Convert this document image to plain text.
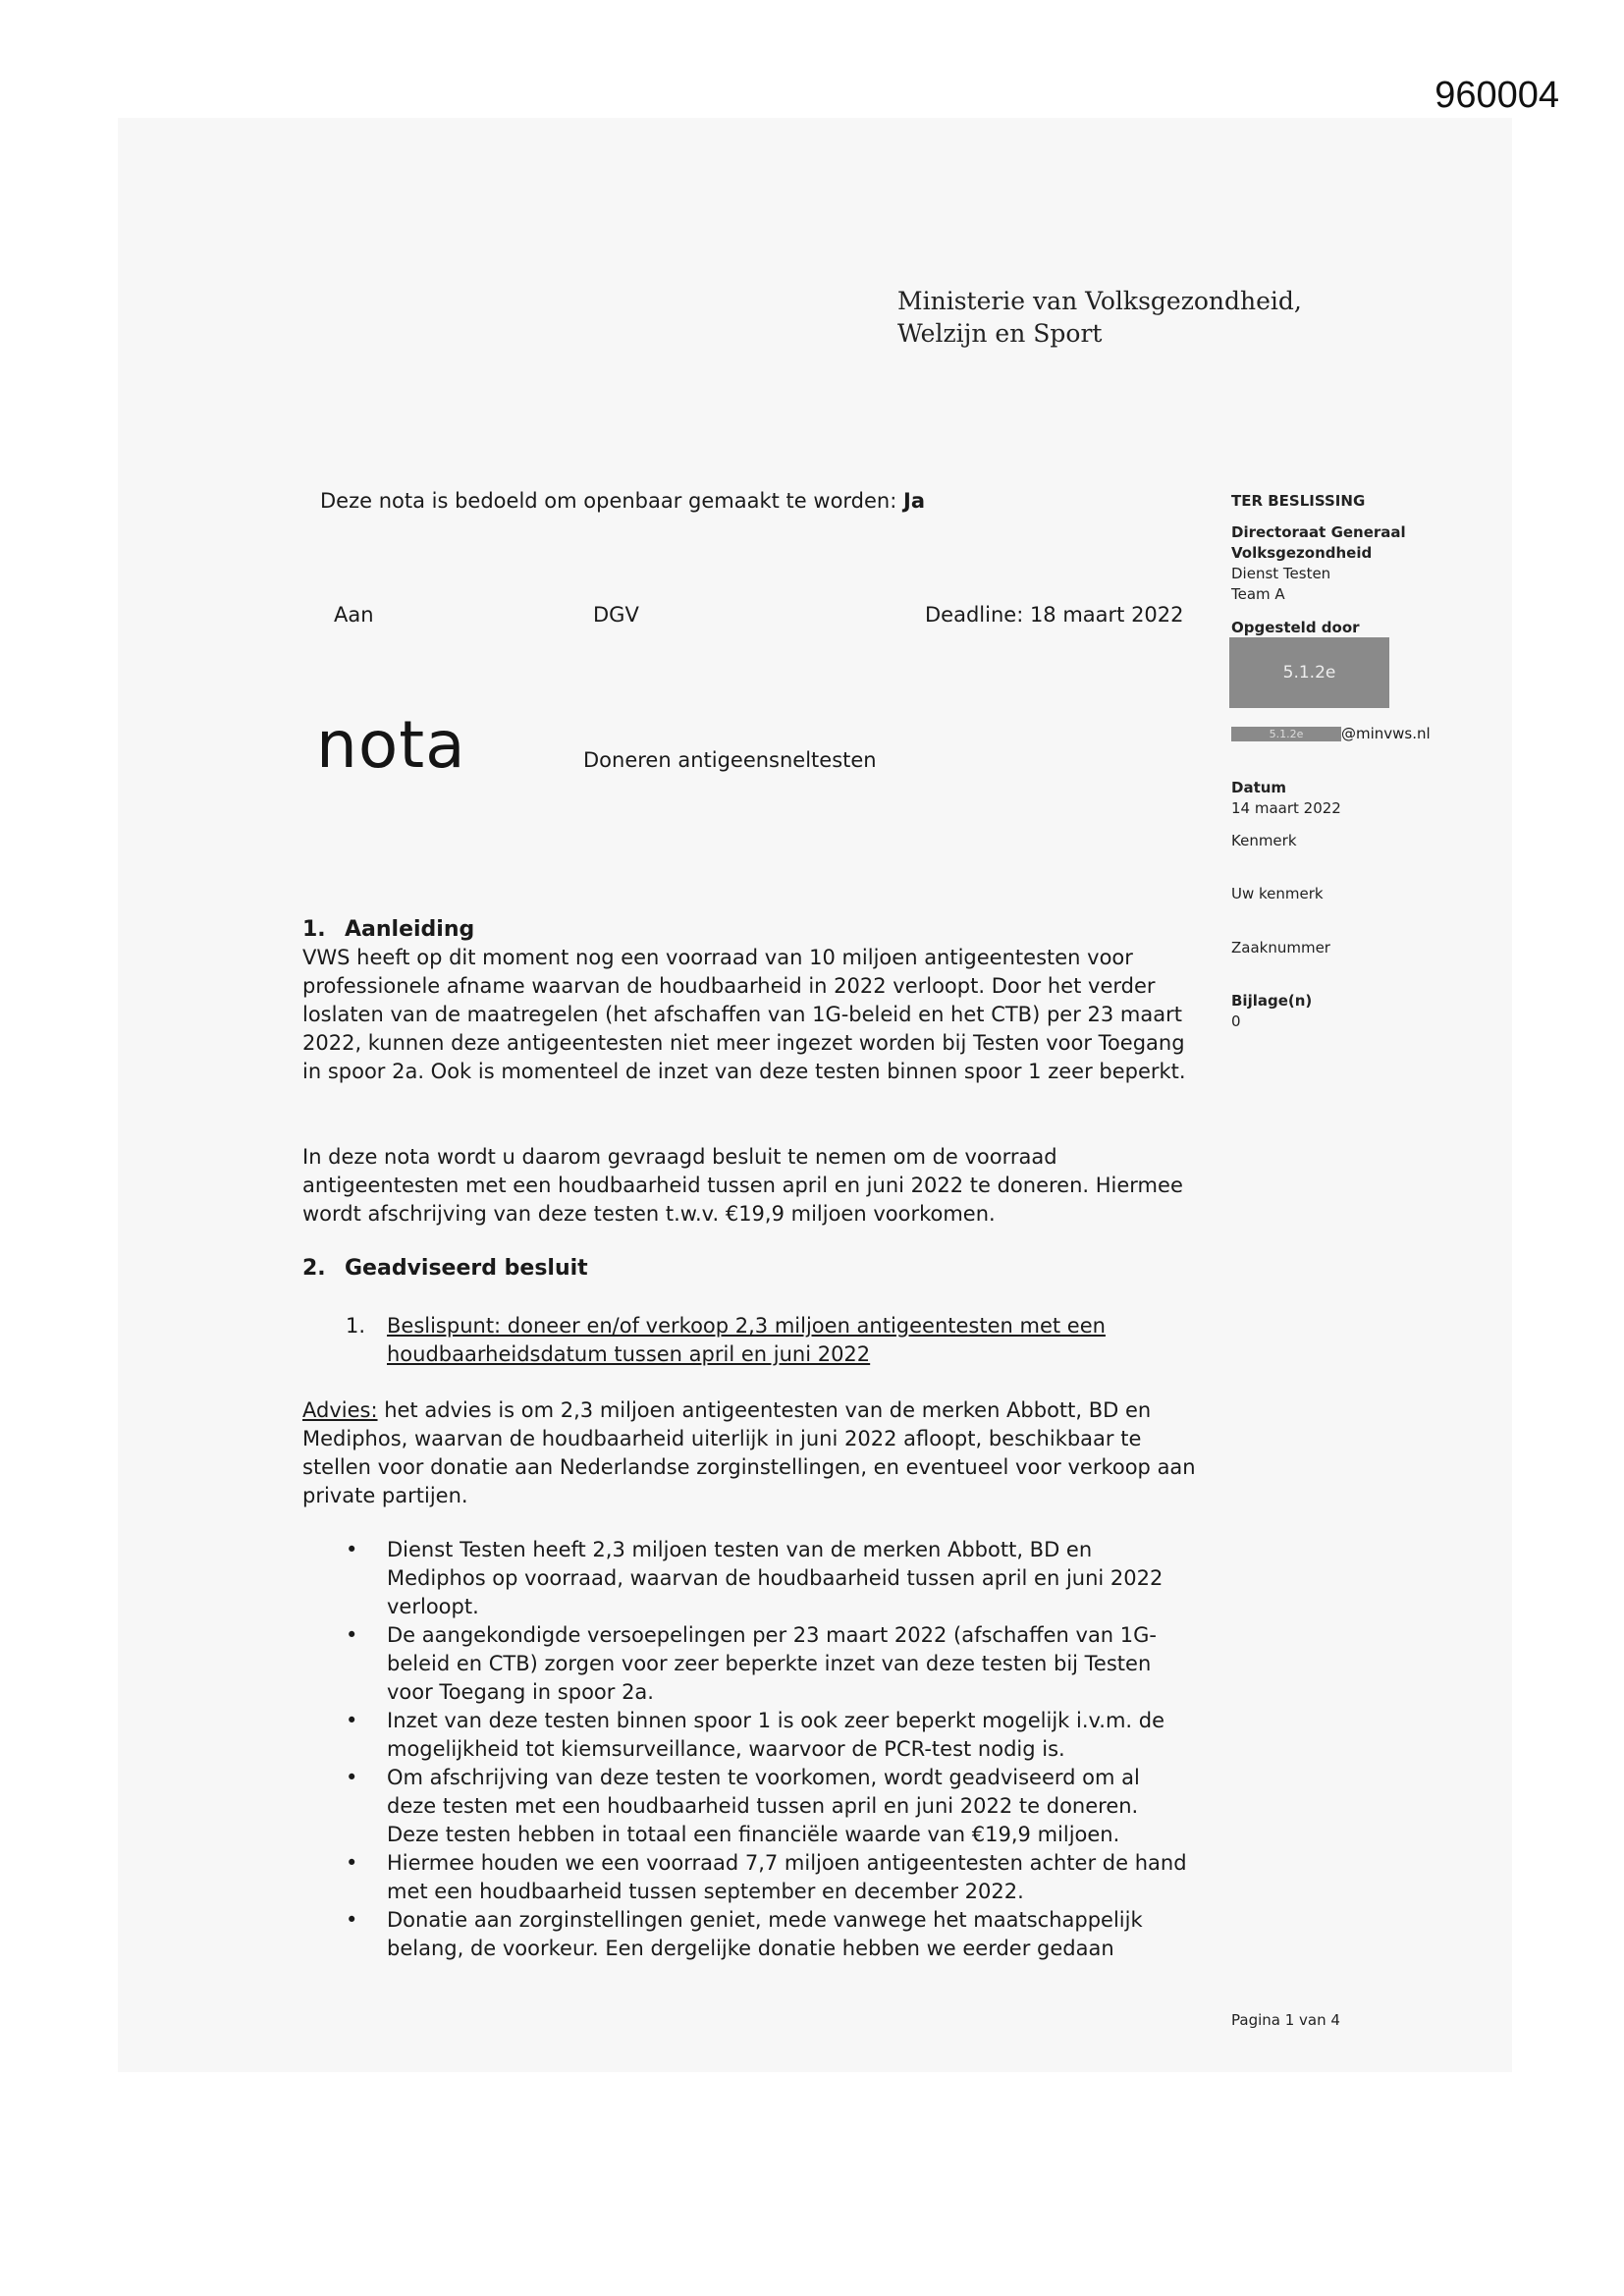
960004
Ministerie van Volksgezondheid,
Welzijn en Sport
Deze nota is bedoeld om openbaar gemaakt te worden: Ja
Aan	DGV	Deadline: 18 maart 2022
nota	Doneren antigeensneltesten
TER BESLISSING
Directoraat Generaal
Volksgezondheid
Dienst Testen
Team A
Opgesteld door
5.1.2e
5.1.2e	@minvws.nl
Datum
14 maart 2022
Kenmerk
Uw kenmerk
Zaaknummer
Bijlage(n)
0
1. Aanleiding

VWS heeft op dit moment nog een voorraad van 10 miljoen antigeentesten voor professionele afname waarvan de houdbaarheid in 2022 verloopt. Door het verder loslaten van de maatregelen (het afschaffen van 1G-beleid en het CTB) per 23 maart 2022, kunnen deze antigeentesten niet meer ingezet worden bij Testen voor Toegang in spoor 2a. Ook is momenteel de inzet van deze testen binnen spoor 1 zeer beperkt.

In deze nota wordt u daarom gevraagd besluit te nemen om de voorraad antigeentesten met een houdbaarheid tussen april en juni 2022 te doneren. Hiermee wordt afschrijving van deze testen t.w.v. €19,9 miljoen voorkomen.
2. Geadviseerd besluit
1.	Beslispunt: doneer en/of verkoop 2,3 miljoen antigeentesten met een houdbaarheidsdatum tussen april en juni 2022
Advies: het advies is om 2,3 miljoen antigeentesten van de merken Abbott, BD en Mediphos, waarvan de houdbaarheid uiterlijk in juni 2022 afloopt, beschikbaar te stellen voor donatie aan Nederlandse zorginstellingen, en eventueel voor verkoop aan private partijen.
• Dienst Testen heeft 2,3 miljoen testen van de merken Abbott, BD en Mediphos op voorraad, waarvan de houdbaarheid tussen april en juni 2022 verloopt.
• De aangekondigde versoepelingen per 23 maart 2022 (afschaffen van 1G-beleid en CTB) zorgen voor zeer beperkte inzet van deze testen bij Testen voor Toegang in spoor 2a.
• Inzet van deze testen binnen spoor 1 is ook zeer beperkt mogelijk i.v.m. de mogelijkheid tot kiemsurveillance, waarvoor de PCR-test nodig is.
• Om afschrijving van deze testen te voorkomen, wordt geadviseerd om al deze testen met een houdbaarheid tussen april en juni 2022 te doneren. Deze testen hebben in totaal een financiële waarde van €19,9 miljoen.
• Hiermee houden we een voorraad 7,7 miljoen antigeentesten achter de hand met een houdbaarheid tussen september en december 2022.
• Donatie aan zorginstellingen geniet, mede vanwege het maatschappelijk belang, de voorkeur. Een dergelijke donatie hebben we eerder gedaan
Pagina 1 van 4
